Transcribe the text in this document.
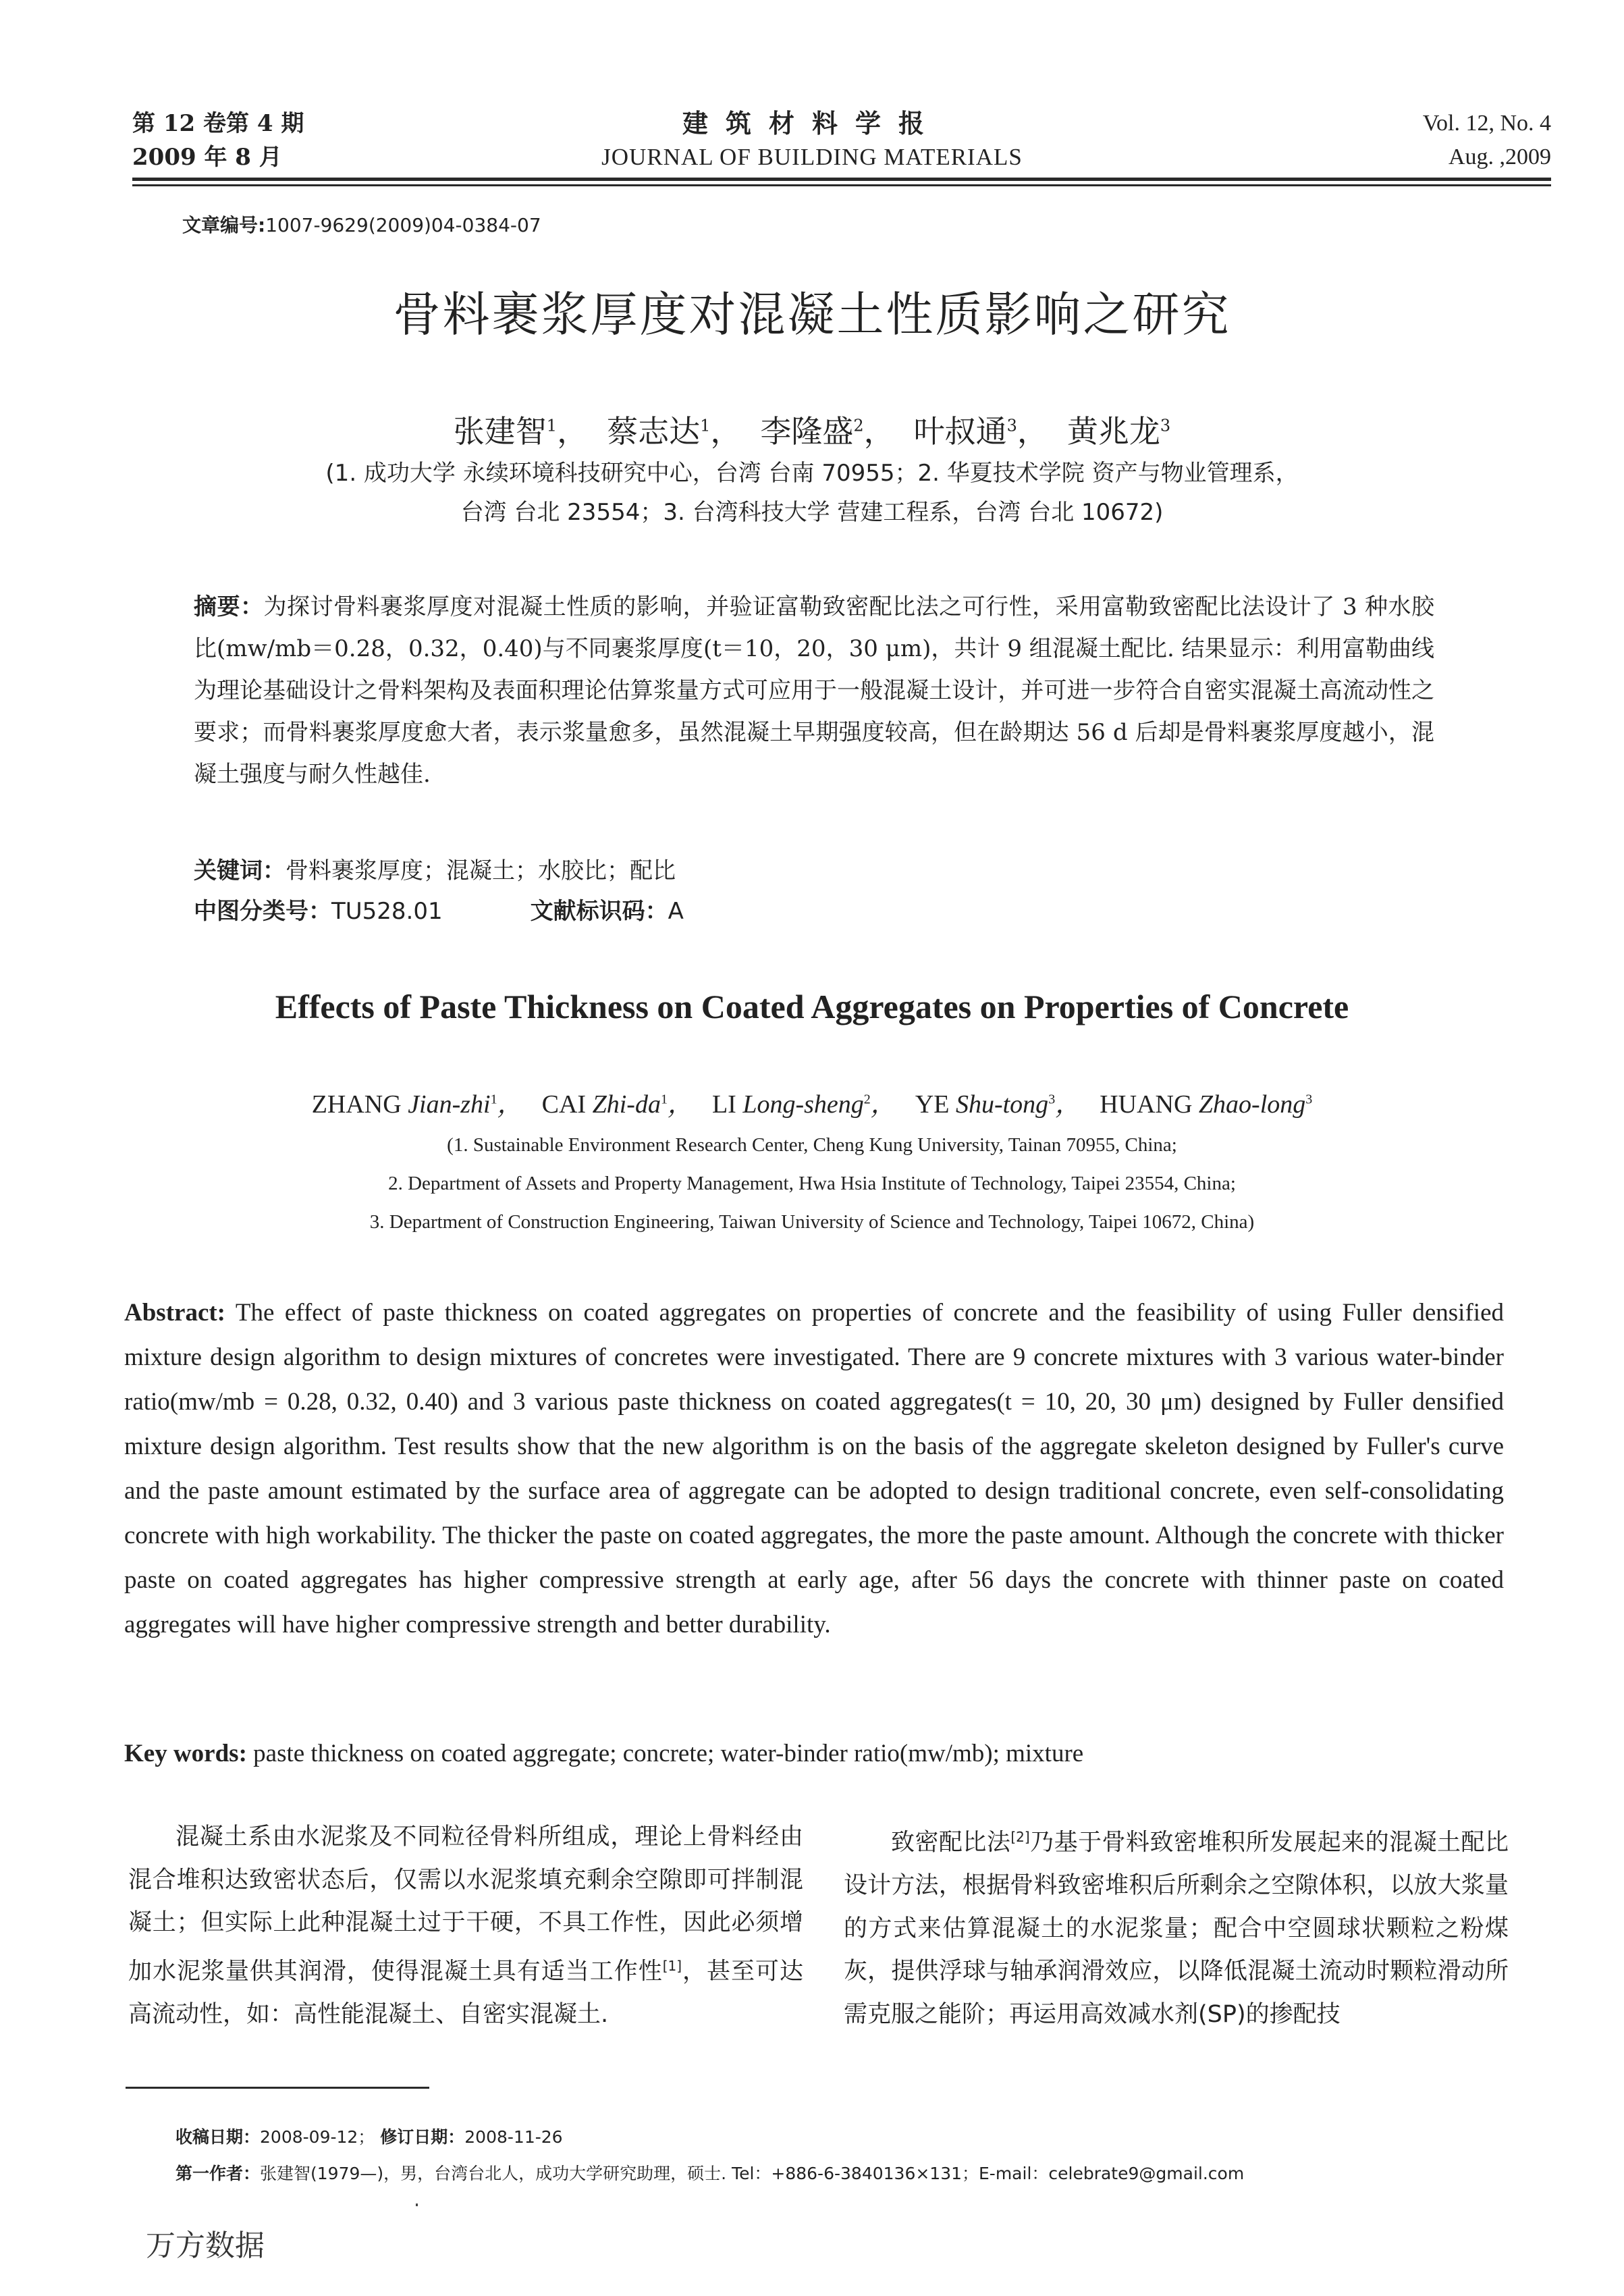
第 12 卷第 4 期
2009 年 8 月
建筑材料学报
JOURNAL OF BUILDING MATERIALS
Vol. 12, No. 4
Aug. ,2009
文章编号:1007-9629(2009)04-0384-07
骨料裹浆厚度对混凝土性质影响之研究
张建智$^1$， 蔡志达$^1$， 李隆盛$^2$， 叶叔通$^3$， 黄兆龙$^3$
(1. 成功大学 永续环境科技研究中心，台湾 台南 70955；2. 华夏技术学院 资产与物业管理系，
台湾 台北 23554；3. 台湾科技大学 营建工程系，台湾 台北 10672)
摘要：为探讨骨料裹浆厚度对混凝土性质的影响，并验证富勒致密配比法之可行性，采用富勒致密配比法设计了 3 种水胶比(mw/mb＝0.28，0.32，0.40)与不同裹浆厚度(t＝10，20，30 μm)，共计 9 组混凝土配比. 结果显示：利用富勒曲线为理论基础设计之骨料架构及表面积理论估算浆量方式可应用于一般混凝土设计，并可进一步符合自密实混凝土高流动性之要求；而骨料裹浆厚度愈大者，表示浆量愈多，虽然混凝土早期强度较高，但在龄期达 56 d 后却是骨料裹浆厚度越小，混凝土强度与耐久性越佳.
关键词：骨料裹浆厚度；混凝土；水胶比；配比
中图分类号：TU528.01	文献标识码：A
Effects of Paste Thickness on Coated Aggregates on Properties of Concrete
ZHANG Jian-zhi$^1$， CAI Zhi-$da^1$， LI Long-sheng$^2$， YE Shu-tong$^3$， HUANG Zhao-long$^3$
(1. Sustainable Environment Research Center, Cheng Kung University, Tainan 70955, China;
2. Department of Assets and Property Management, Hwa Hsia Institute of Technology, Taipei 23554, China;
3. Department of Construction Engineering, Taiwan University of Science and Technology, Taipei 10672, China)
Abstract: The effect of paste thickness on coated aggregates on properties of concrete and the feasibility of using Fuller densified mixture design algorithm to design mixtures of concretes were investigated. There are 9 concrete mixtures with 3 various water-binder ratio(mw/mb = 0.28, 0.32, 0.40) and 3 various paste thickness on coated aggregates(t = 10, 20, 30 μm) designed by Fuller densified mixture design algorithm. Test results show that the new algorithm is on the basis of the aggregate skeleton designed by Fuller's curve and the paste amount estimated by the surface area of aggregate can be adopted to design traditional concrete, even self-consolidating concrete with high workability. The thicker the paste on coated aggregates, the more the paste amount. Although the concrete with thicker paste on coated aggregates has higher compressive strength at early age, after 56 days the concrete with thinner paste on coated aggregates will have higher compressive strength and better durability.
Key words: paste thickness on coated aggregate; concrete; water-binder ratio(mw/mb); mixture

混凝土系由水泥浆及不同粒径骨料所组成，理论上骨料经由混合堆积达致密状态后，仅需以水泥浆填充剩余空隙即可拌制混凝土；但实际上此种混凝土过于干硬，不具工作性，因此必须增加水泥浆量供其润滑，使得混凝土具有适当工作性[1]，甚至可达高流动性，如：高性能混凝土、自密实混凝土.

致密配比法[2]乃基于骨料致密堆积所发展起来的混凝土配比设计方法，根据骨料致密堆积后所剩余之空隙体积，以放大浆量的方式来估算混凝土的水泥浆量；配合中空圆球状颗粒之粉煤灰，提供浮球与轴承润滑效应，以降低混凝土流动时颗粒滑动所需克服之能阶；再运用高效减水剂(SP)的掺配技

收稿日期：2008-09-12； 修订日期：2008-11-26
第一作者：张建智(1979—)，男，台湾台北人，成功大学研究助理，硕士. Tel：+886-6-3840136×131；E-mail：celebrate9@gmail.com
万方数据
